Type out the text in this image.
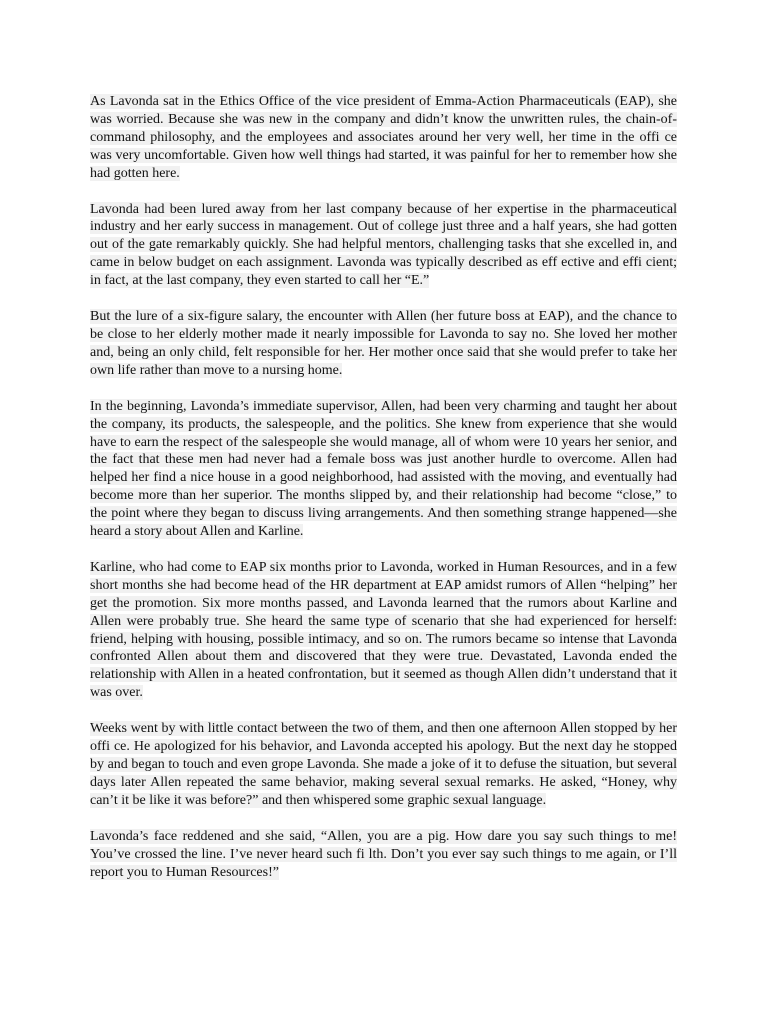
As Lavonda sat in the Ethics Office of the vice president of Emma-Action Pharmaceuticals (EAP), she was worried. Because she was new in the company and didn’t know the unwritten rules, the chain-of-command philosophy, and the employees and associates around her very well, her time in the offi ce was very uncomfortable. Given how well things had started, it was painful for her to remember how she had gotten here.

Lavonda had been lured away from her last company because of her expertise in the pharmaceutical industry and her early success in management. Out of college just three and a half years, she had gotten out of the gate remarkably quickly. She had helpful mentors, challenging tasks that she excelled in, and came in below budget on each assignment. Lavonda was typically described as eff ective and effi cient; in fact, at the last company, they even started to call her “E.”

But the lure of a six-figure salary, the encounter with Allen (her future boss at EAP), and the chance to be close to her elderly mother made it nearly impossible for Lavonda to say no. She loved her mother and, being an only child, felt responsible for her. Her mother once said that she would prefer to take her own life rather than move to a nursing home.

In the beginning, Lavonda’s immediate supervisor, Allen, had been very charming and taught her about the company, its products, the salespeople, and the politics. She knew from experience that she would have to earn the respect of the salespeople she would manage, all of whom were 10 years her senior, and the fact that these men had never had a female boss was just another hurdle to overcome. Allen had helped her find a nice house in a good neighborhood, had assisted with the moving, and eventually had become more than her superior. The months slipped by, and their relationship had become “close,” to the point where they began to discuss living arrangements. And then something strange happened—she heard a story about Allen and Karline.

Karline, who had come to EAP six months prior to Lavonda, worked in Human Resources, and in a few short months she had become head of the HR department at EAP amidst rumors of Allen “helping” her get the promotion. Six more months passed, and Lavonda learned that the rumors about Karline and Allen were probably true. She heard the same type of scenario that she had experienced for herself: friend, helping with housing, possible intimacy, and so on. The rumors became so intense that Lavonda confronted Allen about them and discovered that they were true. Devastated, Lavonda ended the relationship with Allen in a heated confrontation, but it seemed as though Allen didn’t understand that it was over.

Weeks went by with little contact between the two of them, and then one afternoon Allen stopped by her offi ce. He apologized for his behavior, and Lavonda accepted his apology. But the next day he stopped by and began to touch and even grope Lavonda. She made a joke of it to defuse the situation, but several days later Allen repeated the same behavior, making several sexual remarks. He asked, “Honey, why can’t it be like it was before?” and then whispered some graphic sexual language.

Lavonda’s face reddened and she said, “Allen, you are a pig. How dare you say such things to me! You’ve crossed the line. I’ve never heard such fi lth. Don’t you ever say such things to me again, or I’ll report you to Human Resources!”
